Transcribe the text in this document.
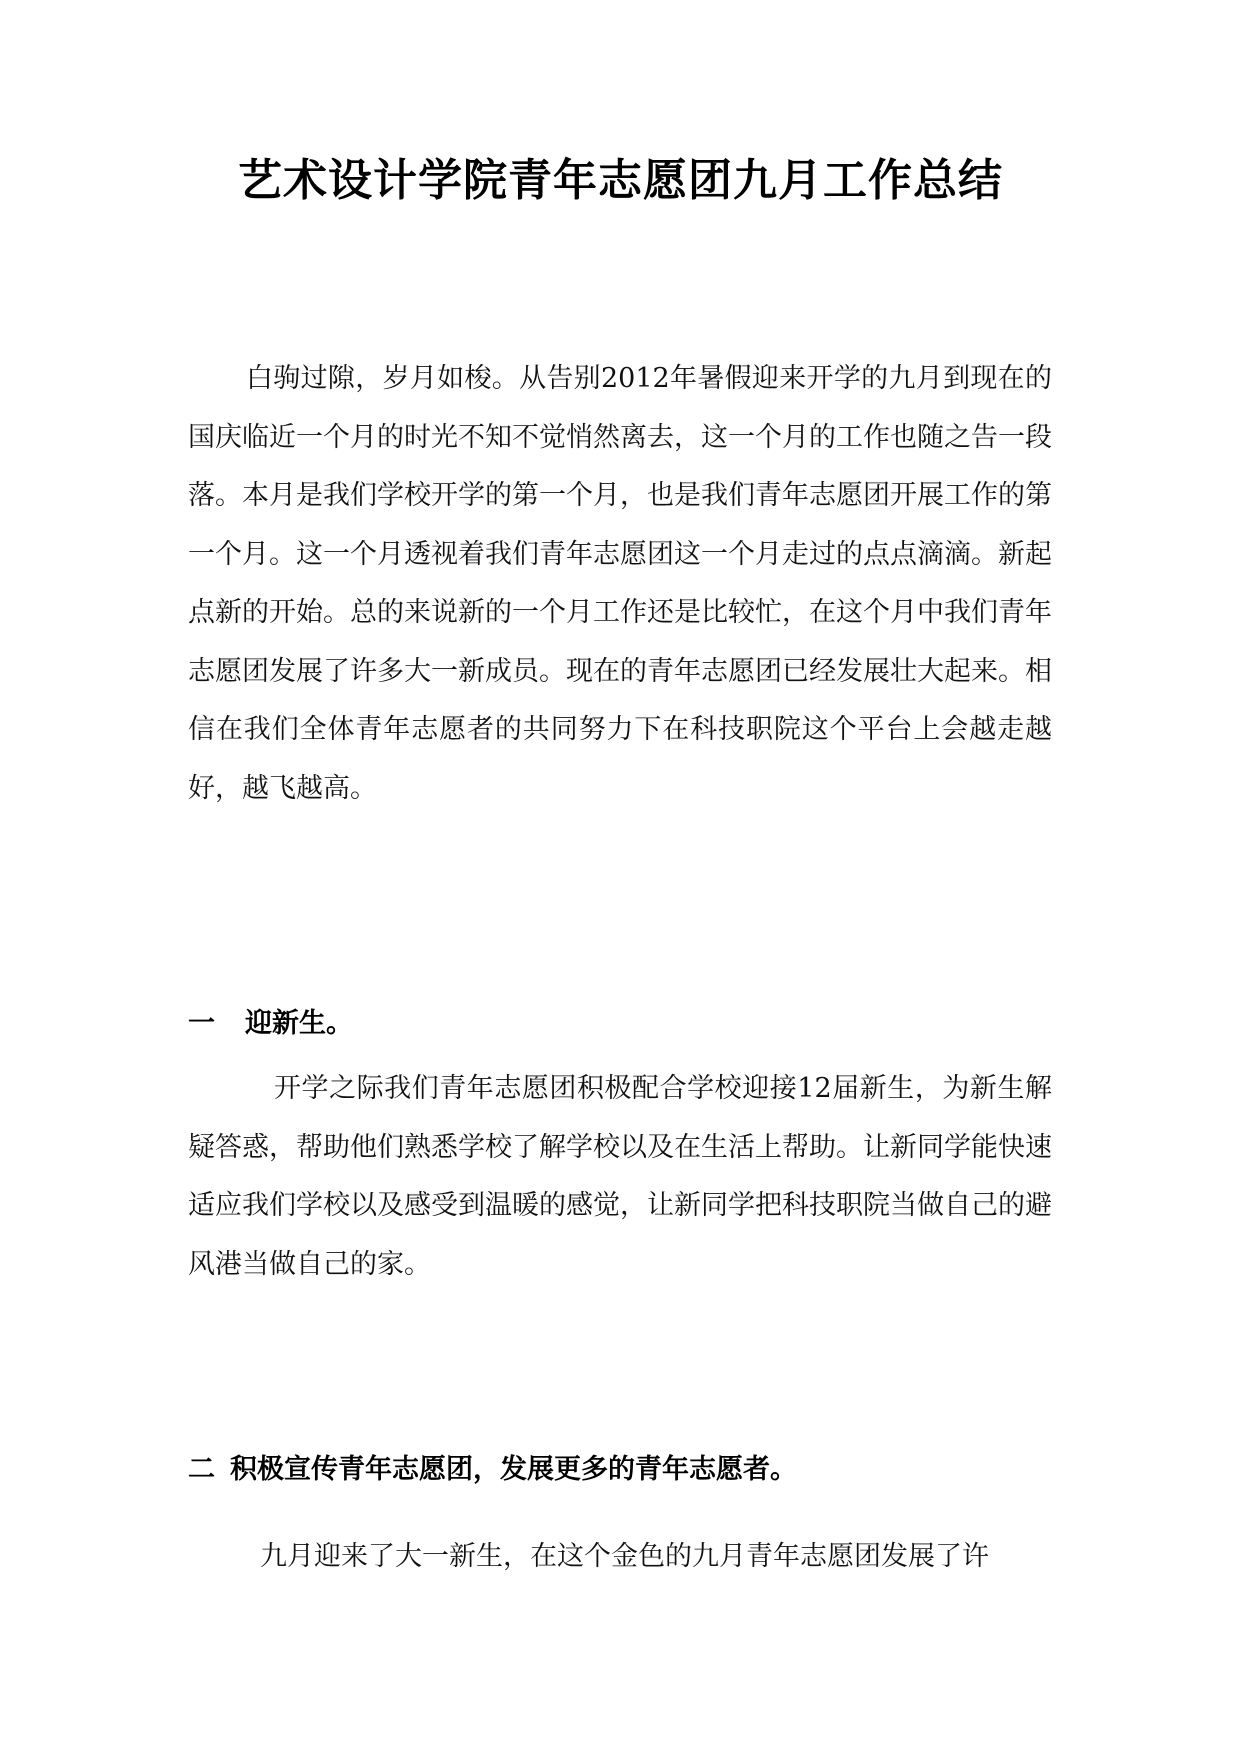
艺术设计学院青年志愿团九月工作总结
白驹过隙，岁月如梭。从告别2012年暑假迎来开学的九月到现在的国庆临近一个月的时光不知不觉悄然离去，这一个月的工作也随之告一段落。本月是我们学校开学的第一个月，也是我们青年志愿团开展工作的第一个月。这一个月透视着我们青年志愿团这一个月走过的点点滴滴。新起点新的开始。总的来说新的一个月工作还是比较忙，在这个月中我们青年志愿团发展了许多大一新成员。现在的青年志愿团已经发展壮大起来。相信在我们全体青年志愿者的共同努力下在科技职院这个平台上会越走越好，越飞越高。
一 迎新生。
开学之际我们青年志愿团积极配合学校迎接12届新生，为新生解疑答惑，帮助他们熟悉学校了解学校以及在生活上帮助。让新同学能快速适应我们学校以及感受到温暖的感觉，让新同学把科技职院当做自己的避风港当做自己的家。
二 积极宣传青年志愿团，发展更多的青年志愿者。
九月迎来了大一新生，在这个金色的九月青年志愿团发展了许
